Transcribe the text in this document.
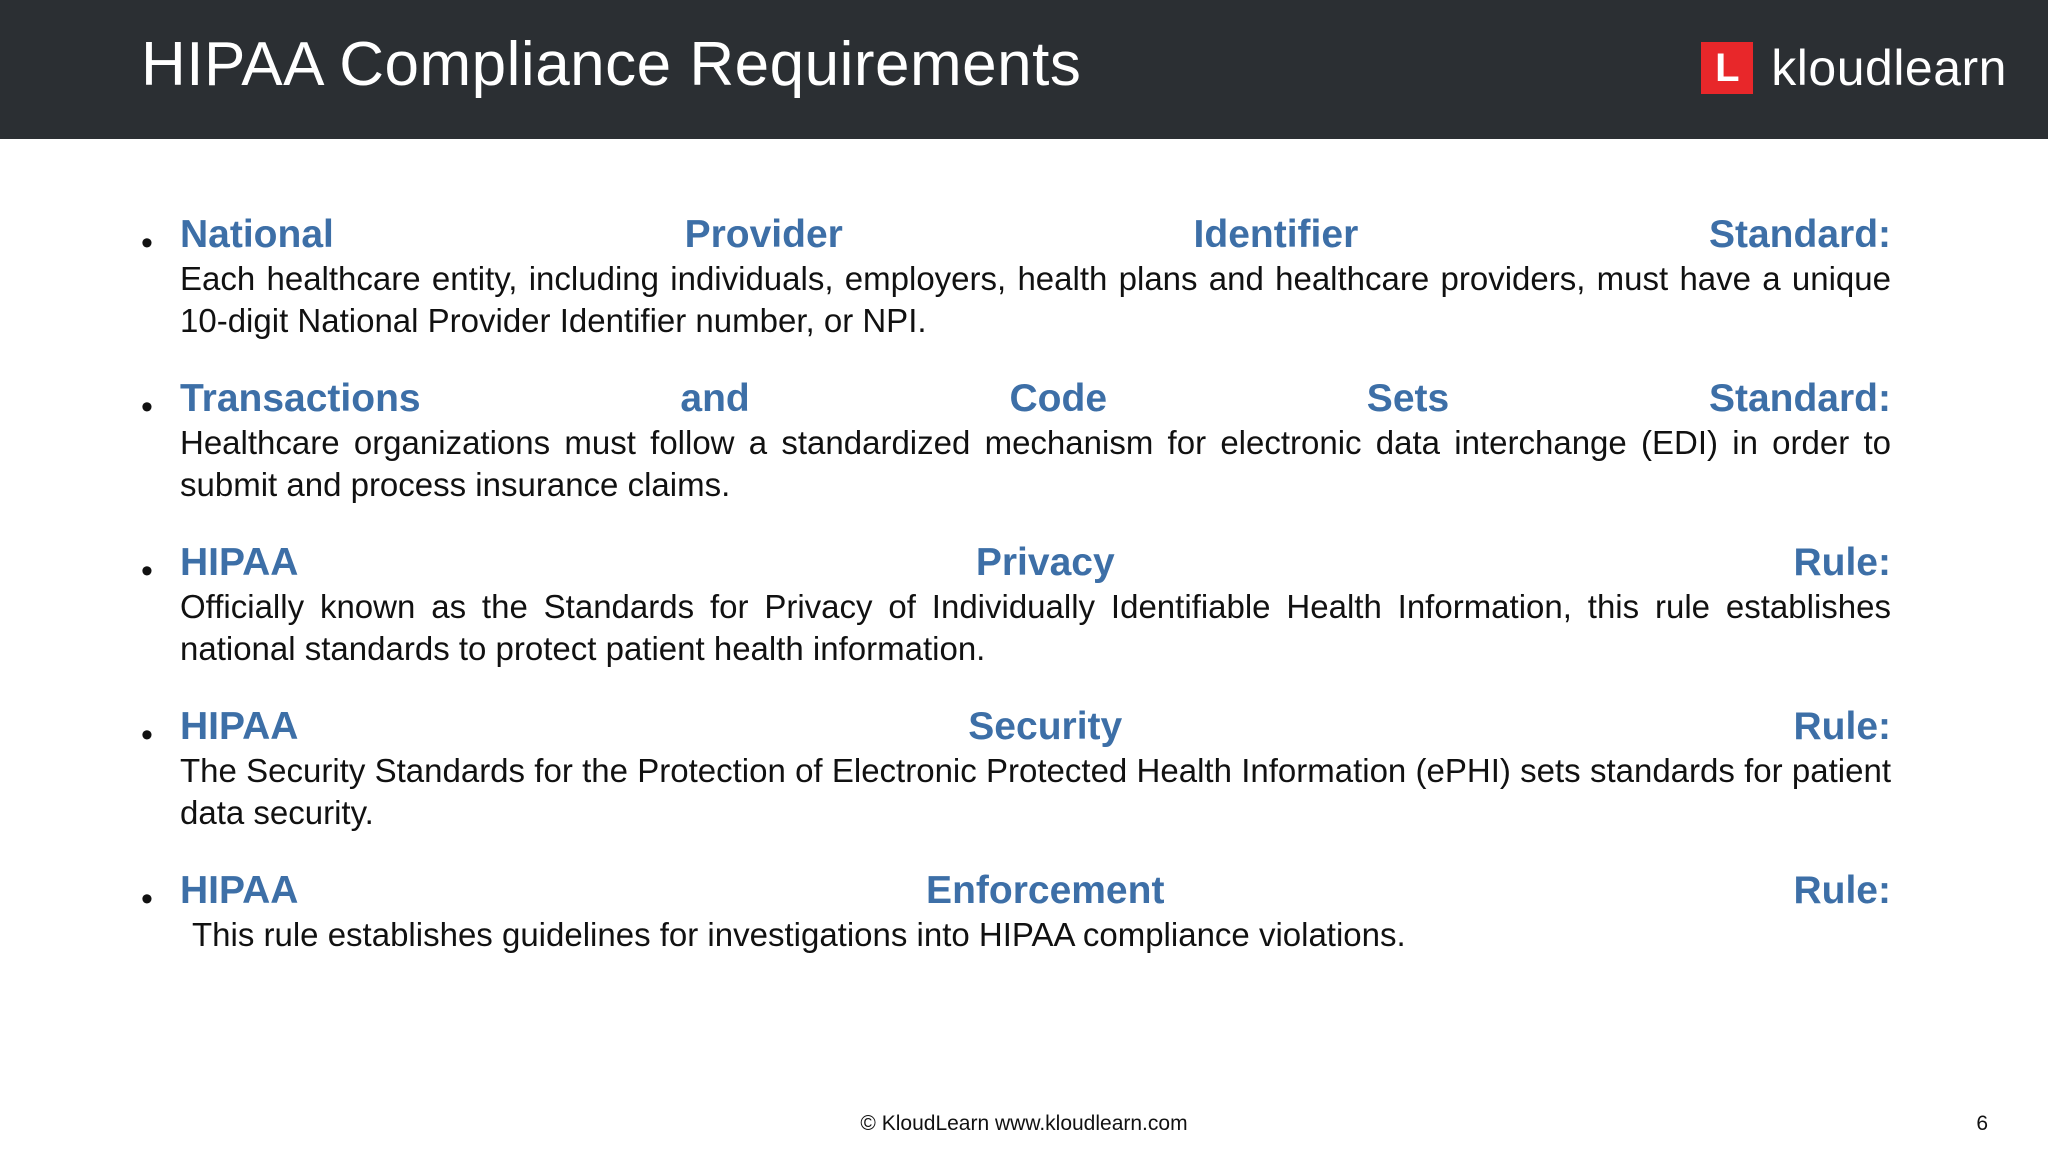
HIPAA Compliance Requirements	L kloudlearn
• National Provider Identifier Standard:
Each healthcare entity, including individuals, employers, health plans and healthcare providers, must have a unique 10-digit National Provider Identifier number, or NPI.
• Transactions and Code Sets Standard:
Healthcare organizations must follow a standardized mechanism for electronic data interchange (EDI) in order to submit and process insurance claims.
• HIPAA Privacy Rule:
Officially known as the Standards for Privacy of Individually Identifiable Health Information, this rule establishes national standards to protect patient health information.
• HIPAA Security Rule:
The Security Standards for the Protection of Electronic Protected Health Information (ePHI) sets standards for patient data security.
• HIPAA Enforcement Rule:
This rule establishes guidelines for investigations into HIPAA compliance violations.
© KloudLearn www.kloudlearn.com	6
